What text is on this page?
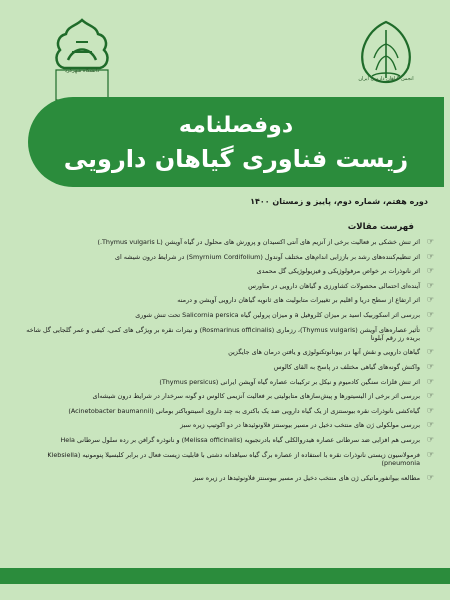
دانشگاه شهرکرد
انجمن گیاهان دارویی ایران
دوفصلنامه
زیست فناوری گیاهان دارویی
دوره هفتم، شماره دوم، پاییز و زمستان ۱۴۰۰
فهرست مقالات
☞
اثر تنش خشکی بر فعالیت برخی از آنزیم های آنتی اکسیدان و پرورش های محلول در گیاه آویشن (Thymus vulgaris L.)
☞
اثر تنظیم‌کننده‌های رشد بر باززایی اندام‌های مختلف آوندول (Smyrnium Cordifolium) در شرایط درون شیشه ای
☞
اثر نانوذرات بر خواص مرفولوژیکی و فیزیولوژیکی گل محمدی
☞
آینده‌ای احتمالی محصولات کشاورزی و گیاهان دارویی در متاورس
☞
اثر ارتفاع از سطح دریا و اقلیم بر تغییرات متابولیت های ثانویه گیاهان دارویی آویشن و درمنه
☞
بررسی اثر اسکوربیک اسید بر میزان کلروفیل a و میزان پرولین گیاه Salicornia persica تحت تنش شوری
☞
تأثیر عصاره‌های آویشن (Thymus vulgaris)، رزماری (Rosmarinus officinalis) و نیترات نقره بر ویژگی های کمی، کیفی و عمر گلجایی گل شاخه بریده رز رقم آبلونا
☞
گیاهان دارویی و نقش آنها در بیونانوتکنولوژی و یافتن درمان های جایگزین
☞
واکنش گونه‌های گیاهی مختلف در پاسخ به القای کالوس
☞
اثر تنش فلزات سنگین کادمیوم و نیکل بر ترکیبات عصاره گیاه آویشن ایرانی (Thymus persicus)
☞
بررسی اثر برخی از الیسیتورها و پیش‌سازهای متابولیتی بر فعالیت آنزیمی کالوس دو گونه سرخدار در شرایط درون شیشه‌ای
☞
گیاه‌کشی نانوذرات نقره بیوسنتزی از یک گیاه دارویی ضد یک باکتری به چند داروی اسینتوباکتر بومانی (Acinetobacter baumannii)
☞
بررسی مولکولی ژن های منتخب دخیل در مسیر بیوسنتز فلاونوئیدها در دو اکوتیپ زیره سبز
☞
بررسی هم افزایی ضد سرطانی عصاره هیدروالکلی گیاه بادرنجبویه (Melissa officinalis) و نانوذره گرافن بر رده سلول سرطانی Hela
☞
فرمولاسیون زیستی نانوذرات نقره با استفاده از عصاره برگ گیاه سیاهدانه دشتی با قابلیت زیست فعال در برابر کلبسیلا پنومونیه (Klebsiella pneumonia)
☞
مطالعه بیوانفورماتیکی ژن های منتخب دخیل در مسیر بیوسنتز فلاونوئیدها در زیره سبز
